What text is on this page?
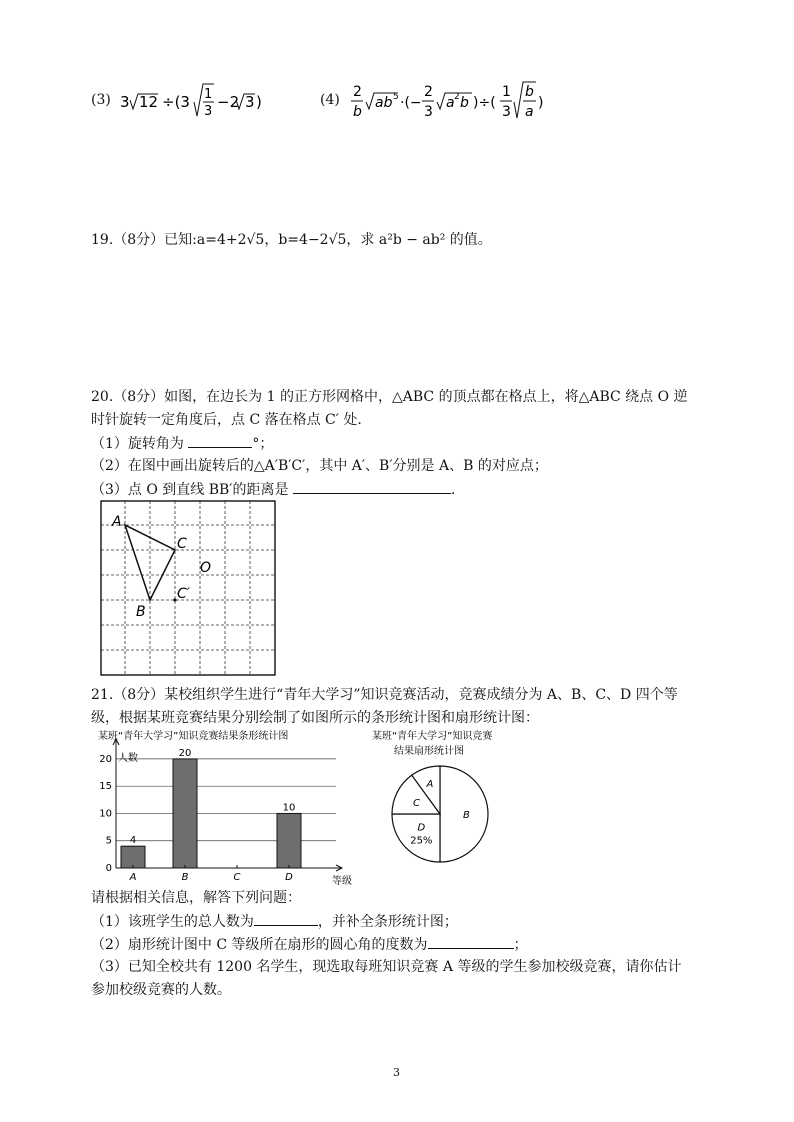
(3) 3 12 ÷(3 1
3
−2 3 )	(4) 2
b
ab 5 ·(−
2
3
a 2 b )÷(
1
3
b
a
)
19.（8分）已知:a=4+2√5，b=4−2√5，求 a²b − ab² 的值。
20.（8分）如图，在边长为 1 的正方形网格中，△ABC 的顶点都在格点上，将△ABC 绕点 O 逆
时针旋转一定角度后，点 C 落在格点 C′ 处.
（1）旋转角为	°；
（2）在图中画出旋转后的△A′B′C′，其中 A′、B′分别是 A、B 的对应点；
（3）点 O 到直线 BB′的距离是	.
A
C
O
C′
B
21.（8分）某校组织学生进行“青年大学习”知识竞赛活动，竞赛成绩分为 A、B、C、D 四个等
级，根据某班竞赛结果分别绘制了如图所示的条形统计图和扇形统计图：
某班“青年大学习”知识竞赛结果条形统计图
4
20
10
0
5
10
15
20
A	B	C	D
人数
等级
某班“青年大学习”知识竞赛
结果扇形统计图
B
D
25%
C
A
请根据相关信息，解答下列问题：
（1）该班学生的总人数为	，并补全条形统计图；
（2）扇形统计图中 C 等级所在扇形的圆心角的度数为	；
（3）已知全校共有 1200 名学生，现选取每班知识竞赛 A 等级的学生参加校级竞赛，请你估计
参加校级竞赛的人数。
3
